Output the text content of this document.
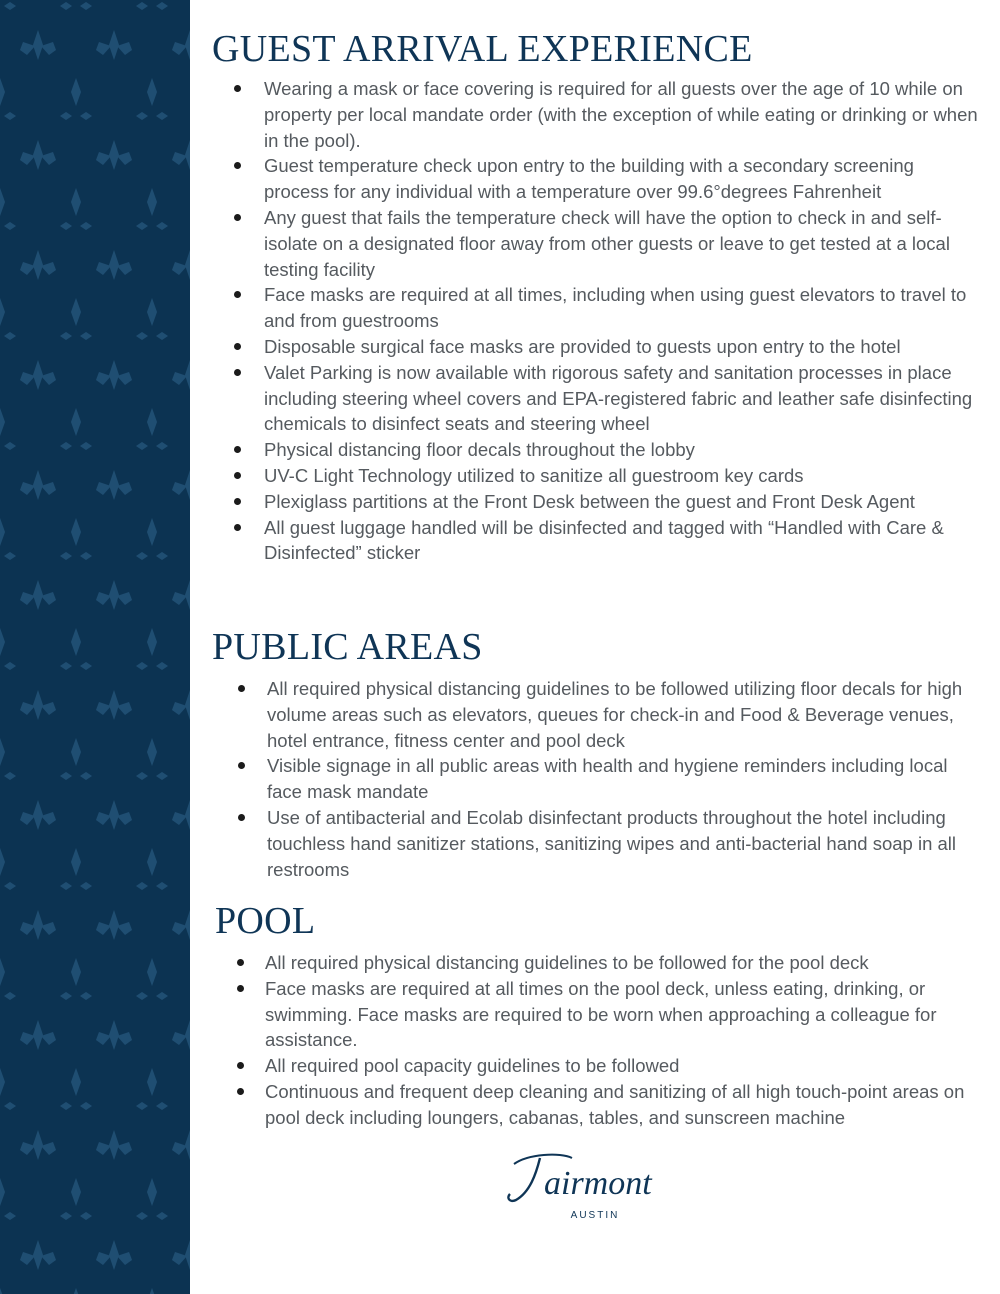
GUEST ARRIVAL EXPERIENCE
Wearing a mask or face covering is required for all guests over the age of 10 while on property per local mandate order (with the exception of while eating or drinking or when in the pool).
Guest temperature check upon entry to the building with a secondary screening process for any individual with a temperature over 99.6°degrees Fahrenheit
Any guest that fails the temperature check will have the option to check in and self-isolate on a designated floor away from other guests or leave to get tested at a local testing facility
Face masks are required at all times, including when using guest elevators to travel to and from guestrooms
Disposable surgical face masks are provided to guests upon entry to the hotel
Valet Parking is now available with rigorous safety and sanitation processes in place including steering wheel covers and EPA-registered fabric and leather safe disinfecting chemicals to disinfect seats and steering wheel
Physical distancing floor decals throughout the lobby
UV-C Light Technology utilized to sanitize all guestroom key cards
Plexiglass partitions at the Front Desk between the guest and Front Desk Agent
All guest luggage handled will be disinfected and tagged with “Handled with Care & Disinfected” sticker
PUBLIC AREAS
All required physical distancing guidelines to be followed utilizing floor decals for high volume areas such as elevators, queues for check-in and Food & Beverage venues, hotel entrance, fitness center and pool deck
Visible signage in all public areas with health and hygiene reminders including local face mask mandate
Use of antibacterial and Ecolab disinfectant products throughout the hotel including touchless hand sanitizer stations, sanitizing wipes and anti-bacterial hand soap in all restrooms
POOL
All required physical distancing guidelines to be followed for the pool deck
Face masks are required at all times on the pool deck, unless eating, drinking, or swimming. Face masks are required to be worn when approaching a colleague for assistance.
All required pool capacity guidelines to be followed
Continuous and frequent deep cleaning and sanitizing of all high touch-point areas on pool deck including loungers, cabanas, tables, and sunscreen machine
airmont
AUSTIN
